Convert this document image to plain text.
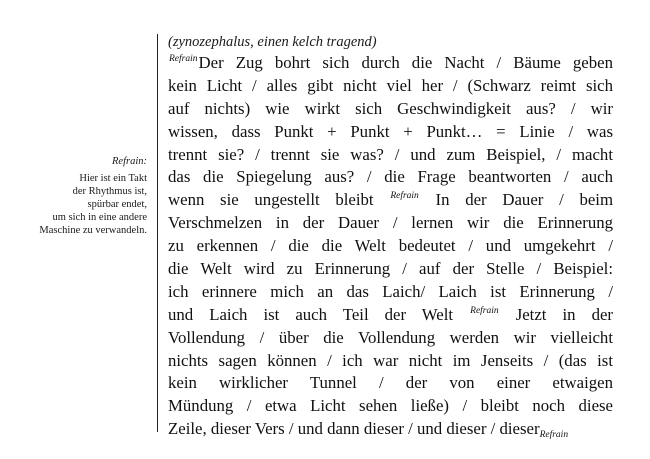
Refrain:
Hier ist ein Takt
der Rhythmus ist,
spürbar endet,
um sich in eine andere
Maschine zu verwandeln.
(zynozephalus, einen kelch tragend)
$^{Refrain}$Der Zug bohrt sich durch die Nacht / Bäume geben
kein Licht / alles gibt nicht viel her / (Schwarz reimt sich
auf nichts) wie wirkt sich Geschwindigkeit aus? / wir
wissen, dass Punkt + Punkt + Punkt… = Linie / was
trennt sie? / trennt sie was? / und zum Beispiel, / macht
das die Spiegelung aus? / die Frage beantworten / auch
wenn sie ungestellt bleibt $^{Refrain}$ In der Dauer / beim
Verschmelzen in der Dauer / lernen wir die Erinnerung
zu erkennen / die die Welt bedeutet / und umgekehrt /
die Welt wird zu Erinnerung / auf der Stelle / Beispiel:
ich erinnere mich an das Laich/ Laich ist Erinnerung /
und Laich ist auch Teil der Welt $^{Refrain}$ Jetzt in der
Vollendung / über die Vollendung werden wir vielleicht
nichts sagen können / ich war nicht im Jenseits / (das ist
kein wirklicher Tunnel / der von einer etwaigen
Mündung / etwa Licht sehen ließe) / bleibt noch diese
Zeile, dieser Vers / und dann dieser / und dieser / dieserRefrain
